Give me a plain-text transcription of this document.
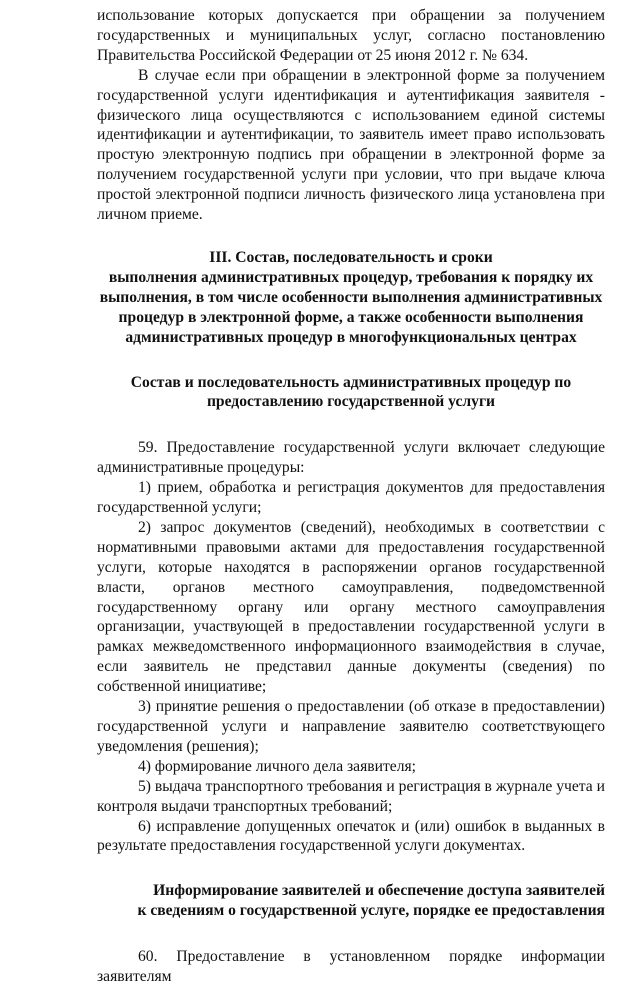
использование которых допускается при обращении за получением государственных и муниципальных услуг, согласно постановлению Правительства Российской Федерации от 25 июня 2012 г. № 634.

В случае если при обращении в электронной форме за получением государственной услуги идентификация и аутентификация заявителя - физического лица осуществляются с использованием единой системы идентификации и аутентификации, то заявитель имеет право использовать простую электронную подпись при обращении в электронной форме за получением государственной услуги при условии, что при выдаче ключа простой электронной подписи личность физического лица установлена при личном приеме.

III. Состав, последовательность и сроки
выполнения административных процедур, требования к порядку их
выполнения, в том числе особенности выполнения административных
процедур в электронной форме, а также особенности выполнения
административных процедур в многофункциональных центрах
Состав и последовательность административных процедур по
предоставлению государственной услуги

59. Предоставление государственной услуги включает следующие административные процедуры:

1) прием, обработка и регистрация документов для предоставления государственной услуги;

2) запрос документов (сведений), необходимых в соответствии с нормативными правовыми актами для предоставления государственной услуги, которые находятся в распоряжении органов государственной власти, органов местного самоуправления, подведомственной государственному органу или органу местного самоуправления организации, участвующей в предоставлении государственной услуги в рамках межведомственного информационного взаимодействия в случае, если заявитель не представил данные документы (сведения) по собственной инициативе;

3) принятие решения о предоставлении (об отказе в предоставлении) государственной услуги и направление заявителю соответствующего уведомления (решения);

4) формирование личного дела заявителя;

5) выдача транспортного требования и регистрация в журнале учета и контроля выдачи транспортных требований;

6) исправление допущенных опечаток и (или) ошибок в выданных в результате предоставления государственной услуги документах.

Информирование заявителей и обеспечение доступа заявителей
к сведениям о государственной услуге, порядке ее предоставления

60. Предоставление в установленном порядке информации заявителям
